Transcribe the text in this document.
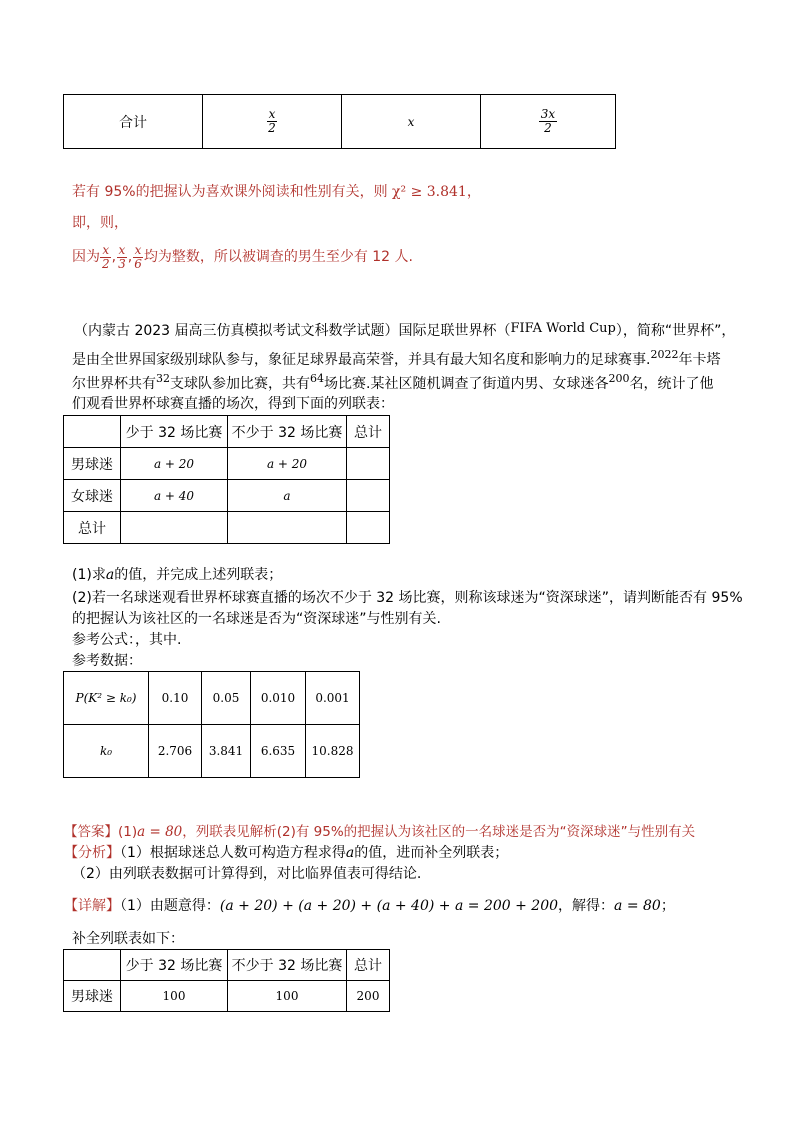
合计	$\frac{x}{2}$	x	$\frac{3x}{2}$
若有 95%的把握认为喜欢课外阅读和性别有关，则 χ² ≥ 3.841，
即，则，
因为 $\frac{x}{2}$ , $\frac{x}{3}$ , $\frac{x}{6}$ 均为整数，所以被调查的男生至少有 12 人.
（内蒙古 2023 届高三仿真模拟考试文科数学试题）国际足联世界杯（FIFA World Cup），简称“世界杯”，
是由全世界国家级别球队参与，象征足球界最高荣誉，并具有最大知名度和影响力的足球赛事.$^{2022}$年卡塔
尔世界杯共有$^{32}$支球队参加比赛，共有$^{64}$场比赛.某社区随机调查了街道内男、女球迷各$^{200}$名，统计了他
们观看世界杯球赛直播的场次，得到下面的列联表：
	少于 32 场比赛	不少于 32 场比赛	总计
男球迷	a + 20	a + 20	
女球迷	a + 40	a	
总计			
(1)求a的值，并完成上述列联表；
(2)若一名球迷观看世界杯球赛直播的场次不少于 32 场比赛，则称该球迷为“资深球迷”，请判断能否有 95%
的把握认为该社区的一名球迷是否为“资深球迷”与性别有关.
参考公式：，其中.
参考数据：
P(K² ≥ k₀)	0.10	0.05	0.010	0.001
k₀	2.706	3.841	6.635	10.828
【答案】(1)a = 80，列联表见解析(2)有 95%的把握认为该社区的一名球迷是否为“资深球迷”与性别有关
【分析】（1）根据球迷总人数可构造方程求得a的值，进而补全列联表；
（2）由列联表数据可计算得到，对比临界值表可得结论.
【详解】（1）由题意得：(a + 20) + (a + 20) + (a + 40) + a = 200 + 200，解得：a = 80；
补全列联表如下：
	少于 32 场比赛	不少于 32 场比赛	总计
男球迷	100	100	200
